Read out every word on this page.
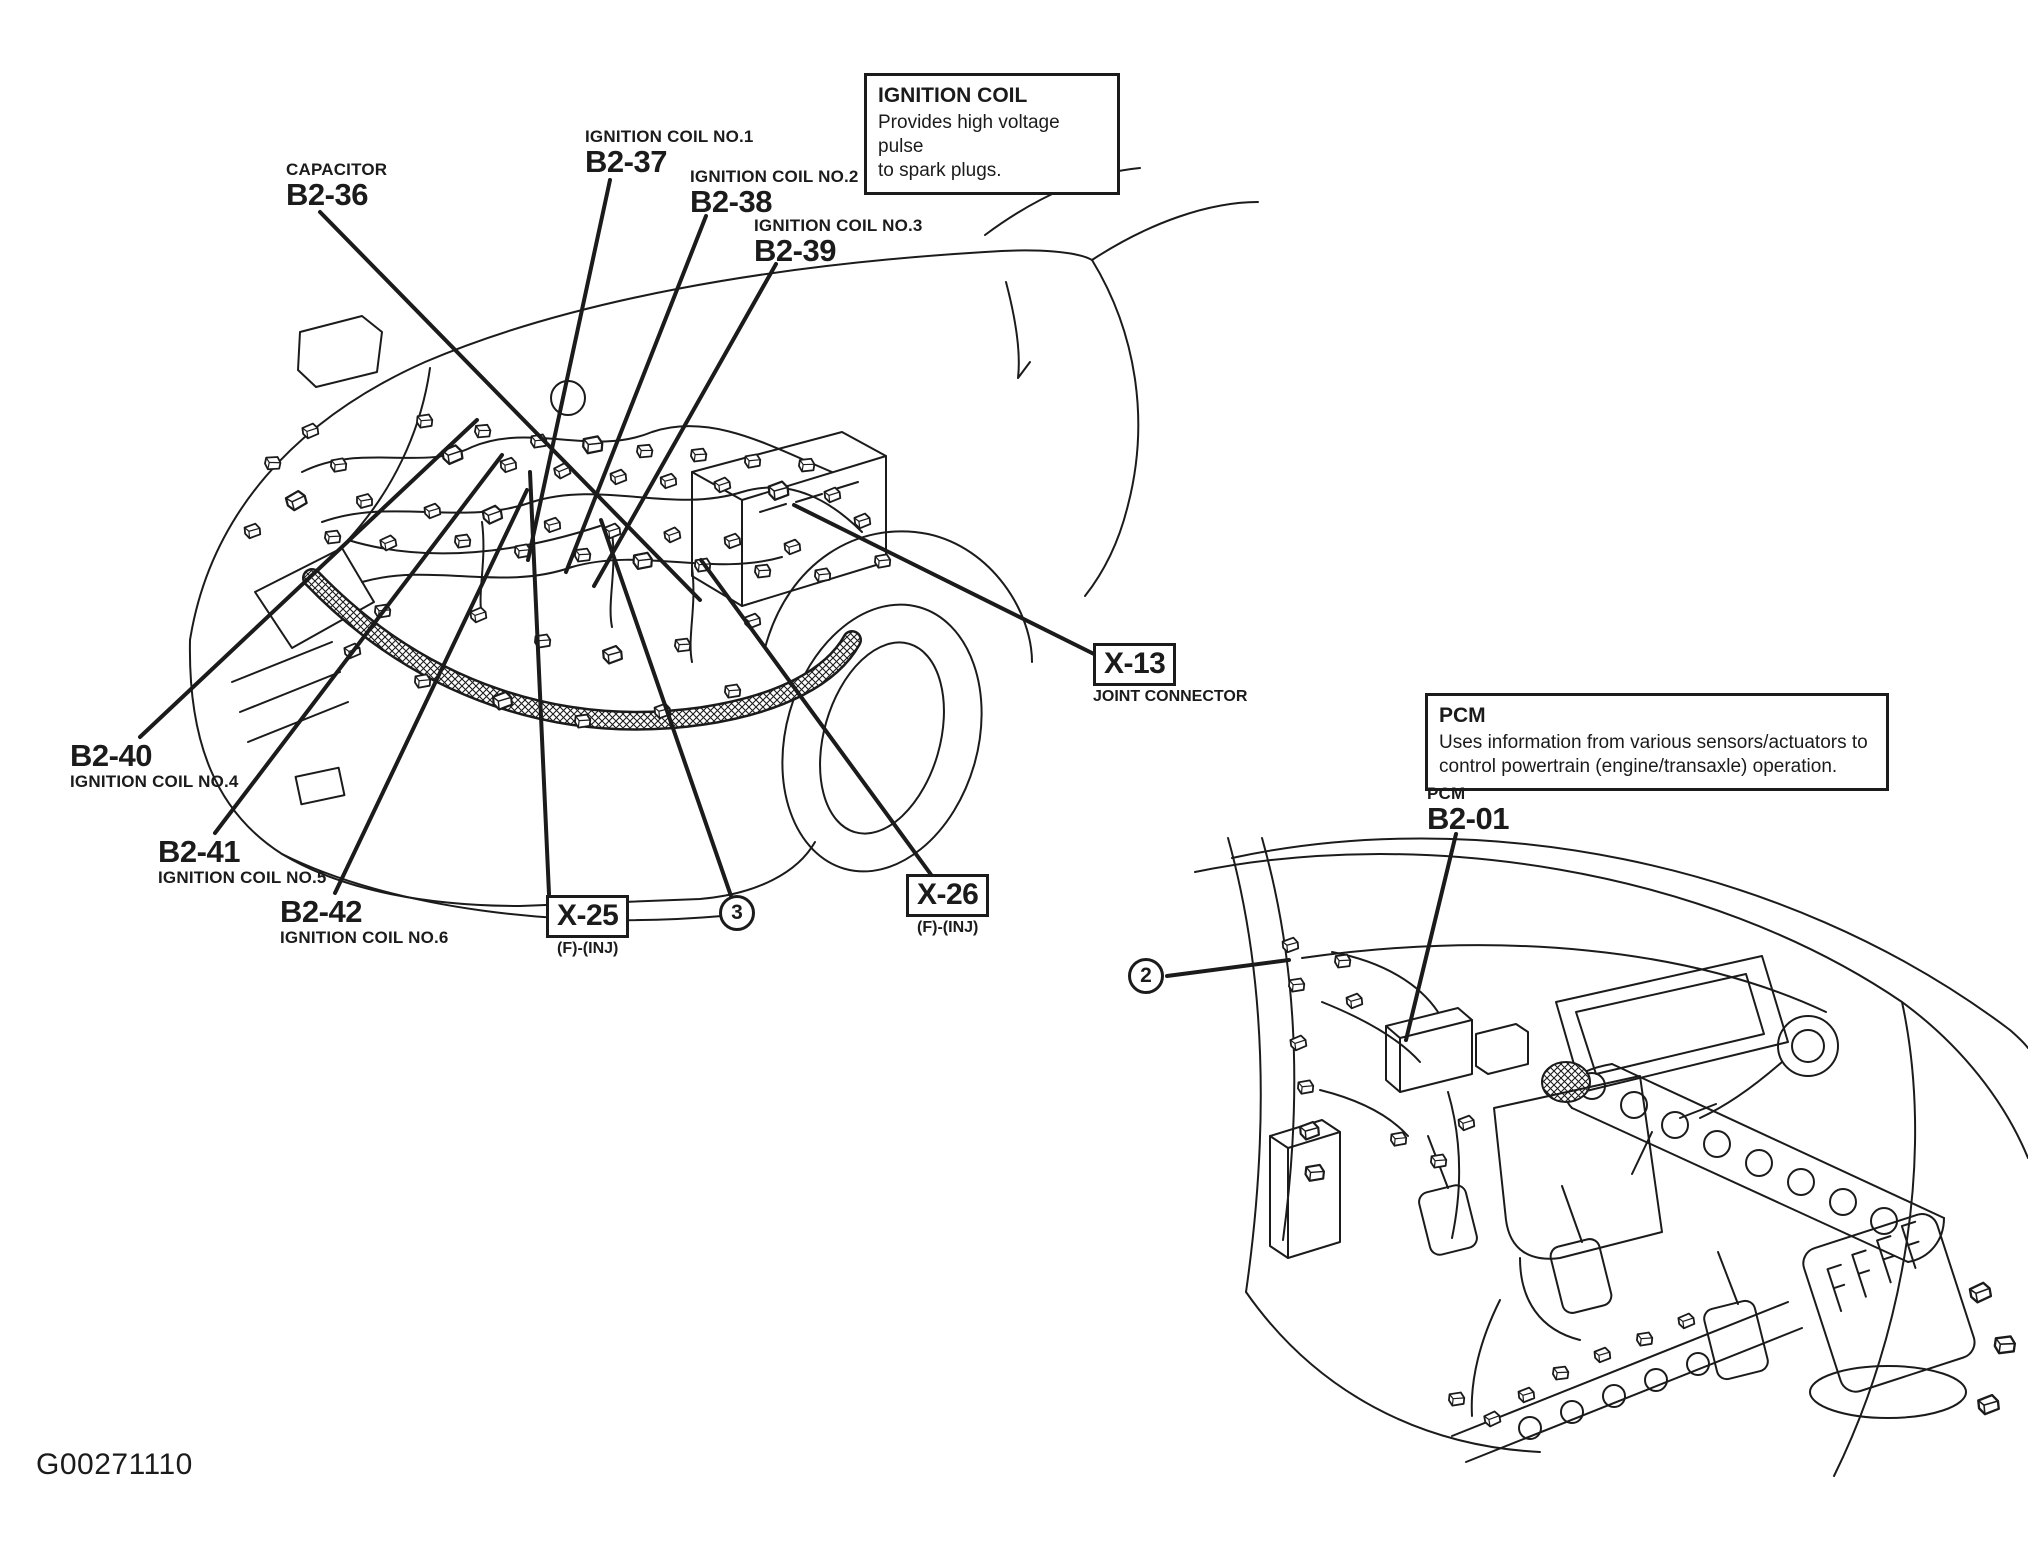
CAPACITOR
B2-36
IGNITION COIL NO.1
B2-37	IGNITION COIL NO.2
B2-38
IGNITION COIL NO.3
B2-39
B2-40
IGNITION COIL NO.4
B2-41
IGNITION COIL NO.5
B2-42
IGNITION COIL NO.6
X-25
(F)-(INJ)
X-26
(F)-(INJ)
X-13
JOINT CONNECTOR
3
2
IGNITION COIL
Provides high voltage pulse
to spark plugs.
PCM
Uses information from various sensors/actuators to
control powertrain (engine/transaxle) operation.
PCM
B2-01
G00271110
